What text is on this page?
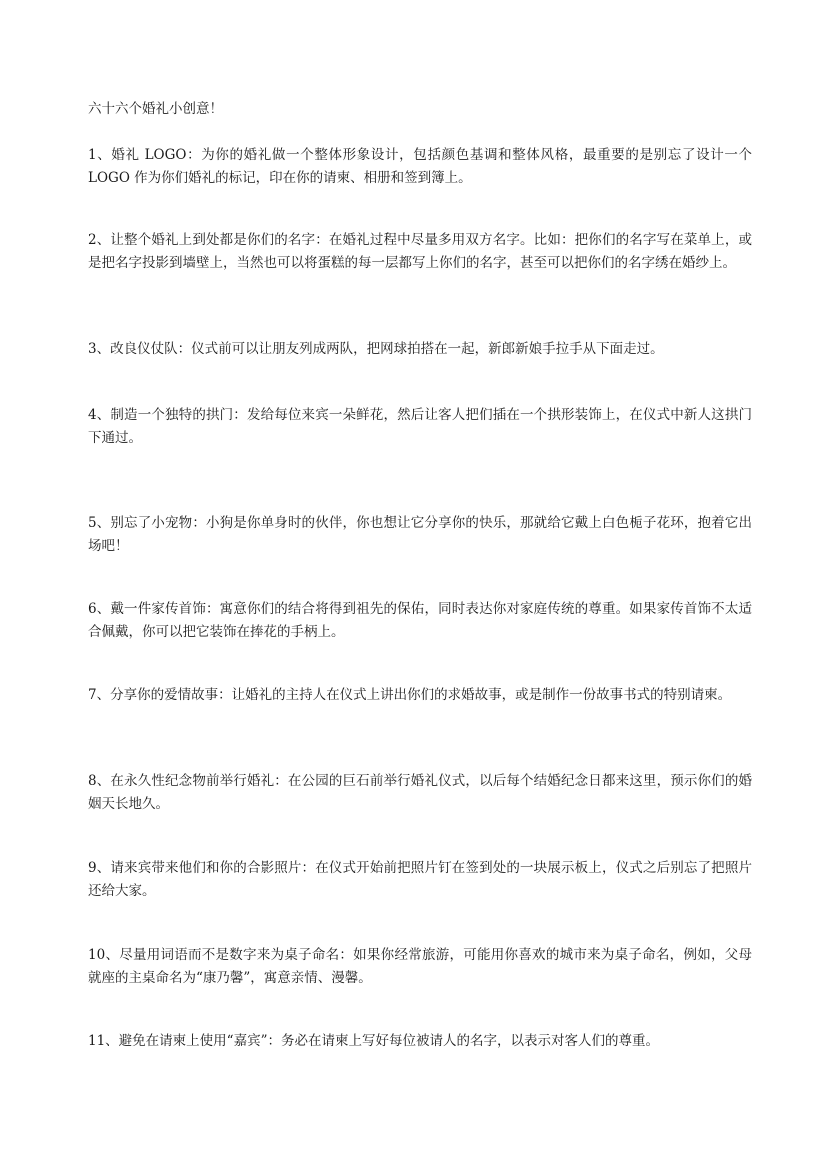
六十六个婚礼小创意！
1、婚礼 LOGO：为你的婚礼做一个整体形象设计，包括颜色基调和整体风格，最重要的是别忘了设计一个 LOGO 作为你们婚礼的标记，印在你的请柬、相册和签到簿上。
2、让整个婚礼上到处都是你们的名字：在婚礼过程中尽量多用双方名字。比如：把你们的名字写在菜单上，或是把名字投影到墙壁上，当然也可以将蛋糕的每一层都写上你们的名字，甚至可以把你们的名字绣在婚纱上。
3、改良仪仗队：仪式前可以让朋友列成两队，把网球拍搭在一起，新郎新娘手拉手从下面走过。
4、制造一个独特的拱门：发给每位来宾一朵鲜花，然后让客人把们插在一个拱形装饰上，在仪式中新人这拱门下通过。
5、别忘了小宠物：小狗是你单身时的伙伴，你也想让它分享你的快乐，那就给它戴上白色栀子花环，抱着它出场吧！
6、戴一件家传首饰：寓意你们的结合将得到祖先的保佑，同时表达你对家庭传统的尊重。如果家传首饰不太适合佩戴，你可以把它装饰在捧花的手柄上。
7、分享你的爱情故事：让婚礼的主持人在仪式上讲出你们的求婚故事，或是制作一份故事书式的特别请柬。
8、在永久性纪念物前举行婚礼：在公园的巨石前举行婚礼仪式，以后每个结婚纪念日都来这里，预示你们的婚姻天长地久。
9、请来宾带来他们和你的合影照片：在仪式开始前把照片钉在签到处的一块展示板上，仪式之后别忘了把照片还给大家。
10、尽量用词语而不是数字来为桌子命名：如果你经常旅游，可能用你喜欢的城市来为桌子命名，例如，父母就座的主桌命名为“康乃馨”，寓意亲情、漫馨。
11、避免在请柬上使用“嘉宾”：务必在请柬上写好每位被请人的名字，以表示对客人们的尊重。
